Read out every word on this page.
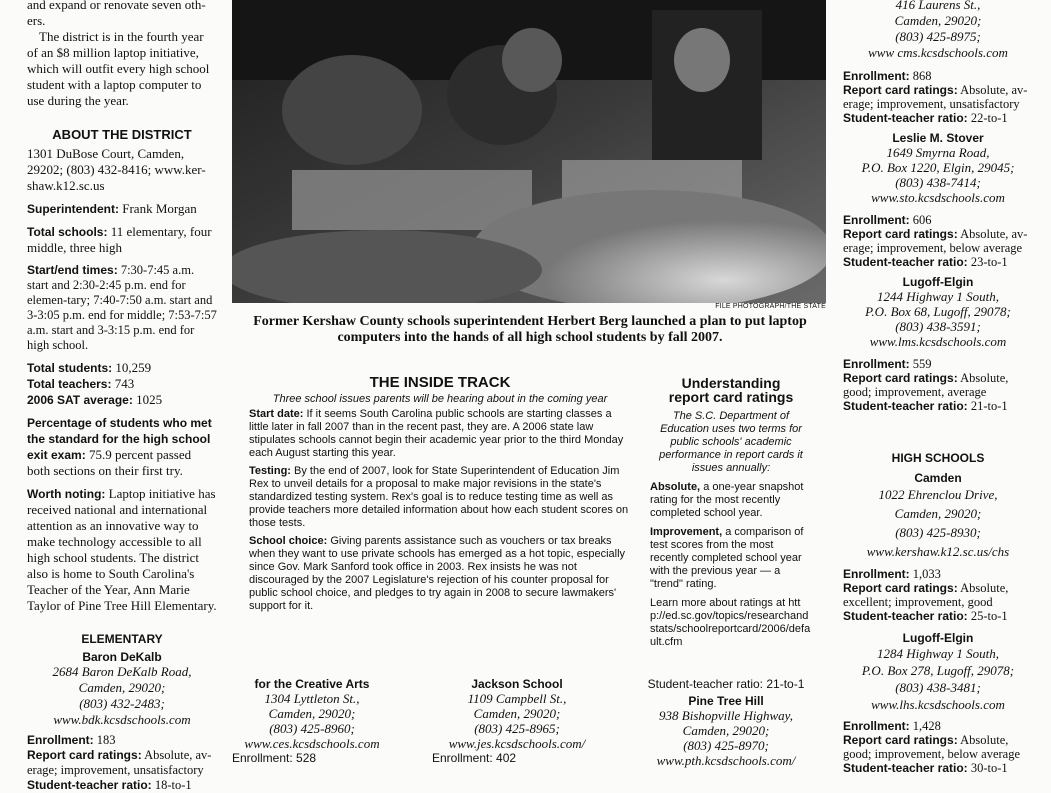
and expand or renovate seven oth-
ers.

The district is in the fourth year of an $8 million laptop initiative, which will outfit every high school student with a laptop computer to use during the year.

ABOUT THE DISTRICT

1301 DuBose Court, Camden, 29202; (803) 432-8416; www.ker-shaw.k12.sc.us

Superintendent: Frank Morgan

Total schools: 11 elementary, four middle, three high

Start/end times: 7:30-7:45 a.m. start and 2:30-2:45 p.m. end for elemen-tary; 7:40-7:50 a.m. start and 3-3:05 p.m. end for middle; 7:53-7:57 a.m. start and 3-3:15 p.m. end for high school.

Total students: 10,259
Total teachers: 743
2006 SAT average: 1025

Percentage of students who met the standard for the high school exit exam: 75.9 percent passed both sections on their first try.

Worth noting: Laptop initiative has received national and international attention as an innovative way to make technology accessible to all high school students. The district also is home to South Carolina's Teacher of the Year, Ann Marie Taylor of Pine Tree Hill Elementary.

ELEMENTARY
Baron DeKalb
2684 Baron DeKalb Road,
Camden, 29020;
(803) 432-2483;
www.bdk.kcsdschools.com
Enrollment: 183
Report card ratings: Absolute, av-erage; improvement, unsatisfactory
Student-teacher ratio: 18-to-1
FILE PHOTOGRAPH/THE STATE
Former Kershaw County schools superintendent Herbert Berg launched a plan to put laptop computers into the hands of all high school students by fall 2007.
THE INSIDE TRACK
Three school issues parents will be hearing about in the coming year

Start date: If it seems South Carolina public schools are starting classes a little later in fall 2007 than in the recent past, they are. A 2006 state law stipulates schools cannot begin their academic year prior to the third Monday each August starting this year.

Testing: By the end of 2007, look for State Superintendent of Education Jim Rex to unveil details for a proposal to make major revisions in the state's standardized testing system. Rex's goal is to reduce testing time as well as provide teachers more detailed information about how each student scores on those tests.

School choice: Giving parents assistance such as vouchers or tax breaks when they want to use private schools has emerged as a hot topic, especially since Gov. Mark Sanford took office in 2003. Rex insists he was not discouraged by the 2007 Legislature's rejection of his counter proposal for public school choice, and pledges to try again in 2008 to secure lawmakers' support for it.

Understanding
report card ratings

The S.C. Department of Education uses two terms for public schools' academic performance in report cards it issues annually:

Absolute, a one-year snapshot rating for the most recently completed school year.

Improvement, a comparison of test scores from the most recently completed school year with the previous year — a "trend" rating.

Learn more about ratings at http://ed.sc.gov/topics/researchandstats/schoolreportcard/2006/default.cfm

for the Creative Arts
1304 Lyttleton St.,
Camden, 29020;
(803) 425-8960;
www.ces.kcsdschools.com
Enrollment: 528
Jackson School
1109 Campbell St.,
Camden, 29020;
(803) 425-8965;
www.jes.kcsdschools.com/
Enrollment: 402
Student-teacher ratio: 21-to-1
Pine Tree Hill
938 Bishopville Highway,
Camden, 29020;
(803) 425-8970;
www.pth.kcsdschools.com/
416 Laurens St.,
Camden, 29020;
(803) 425-8975;
www cms.kcsdschools.com
Enrollment: 868
Report card ratings: Absolute, av-erage; improvement, unsatisfactory
Student-teacher ratio: 22-to-1
Leslie M. Stover
1649 Smyrna Road,
P.O. Box 1220, Elgin, 29045;
(803) 438-7414;
www.sto.kcsdschools.com
Enrollment: 606
Report card ratings: Absolute, av-erage; improvement, below average
Student-teacher ratio: 23-to-1
Lugoff-Elgin
1244 Highway 1 South,
P.O. Box 68, Lugoff, 29078;
(803) 438-3591;
www.lms.kcsdschools.com
Enrollment: 559
Report card ratings: Absolute, good; improvement, average
Student-teacher ratio: 21-to-1
HIGH SCHOOLS
Camden
1022 Ehrenclou Drive,
Camden, 29020;
(803) 425-8930;
www.kershaw.k12.sc.us/chs
Enrollment: 1,033
Report card ratings: Absolute, excellent; improvement, good
Student-teacher ratio: 25-to-1
Lugoff-Elgin
1284 Highway 1 South,
P.O. Box 278, Lugoff, 29078;
(803) 438-3481;
www.lhs.kcsdschools.com
Enrollment: 1,428
Report card ratings: Absolute, good; improvement, below average
Student-teacher ratio: 30-to-1
